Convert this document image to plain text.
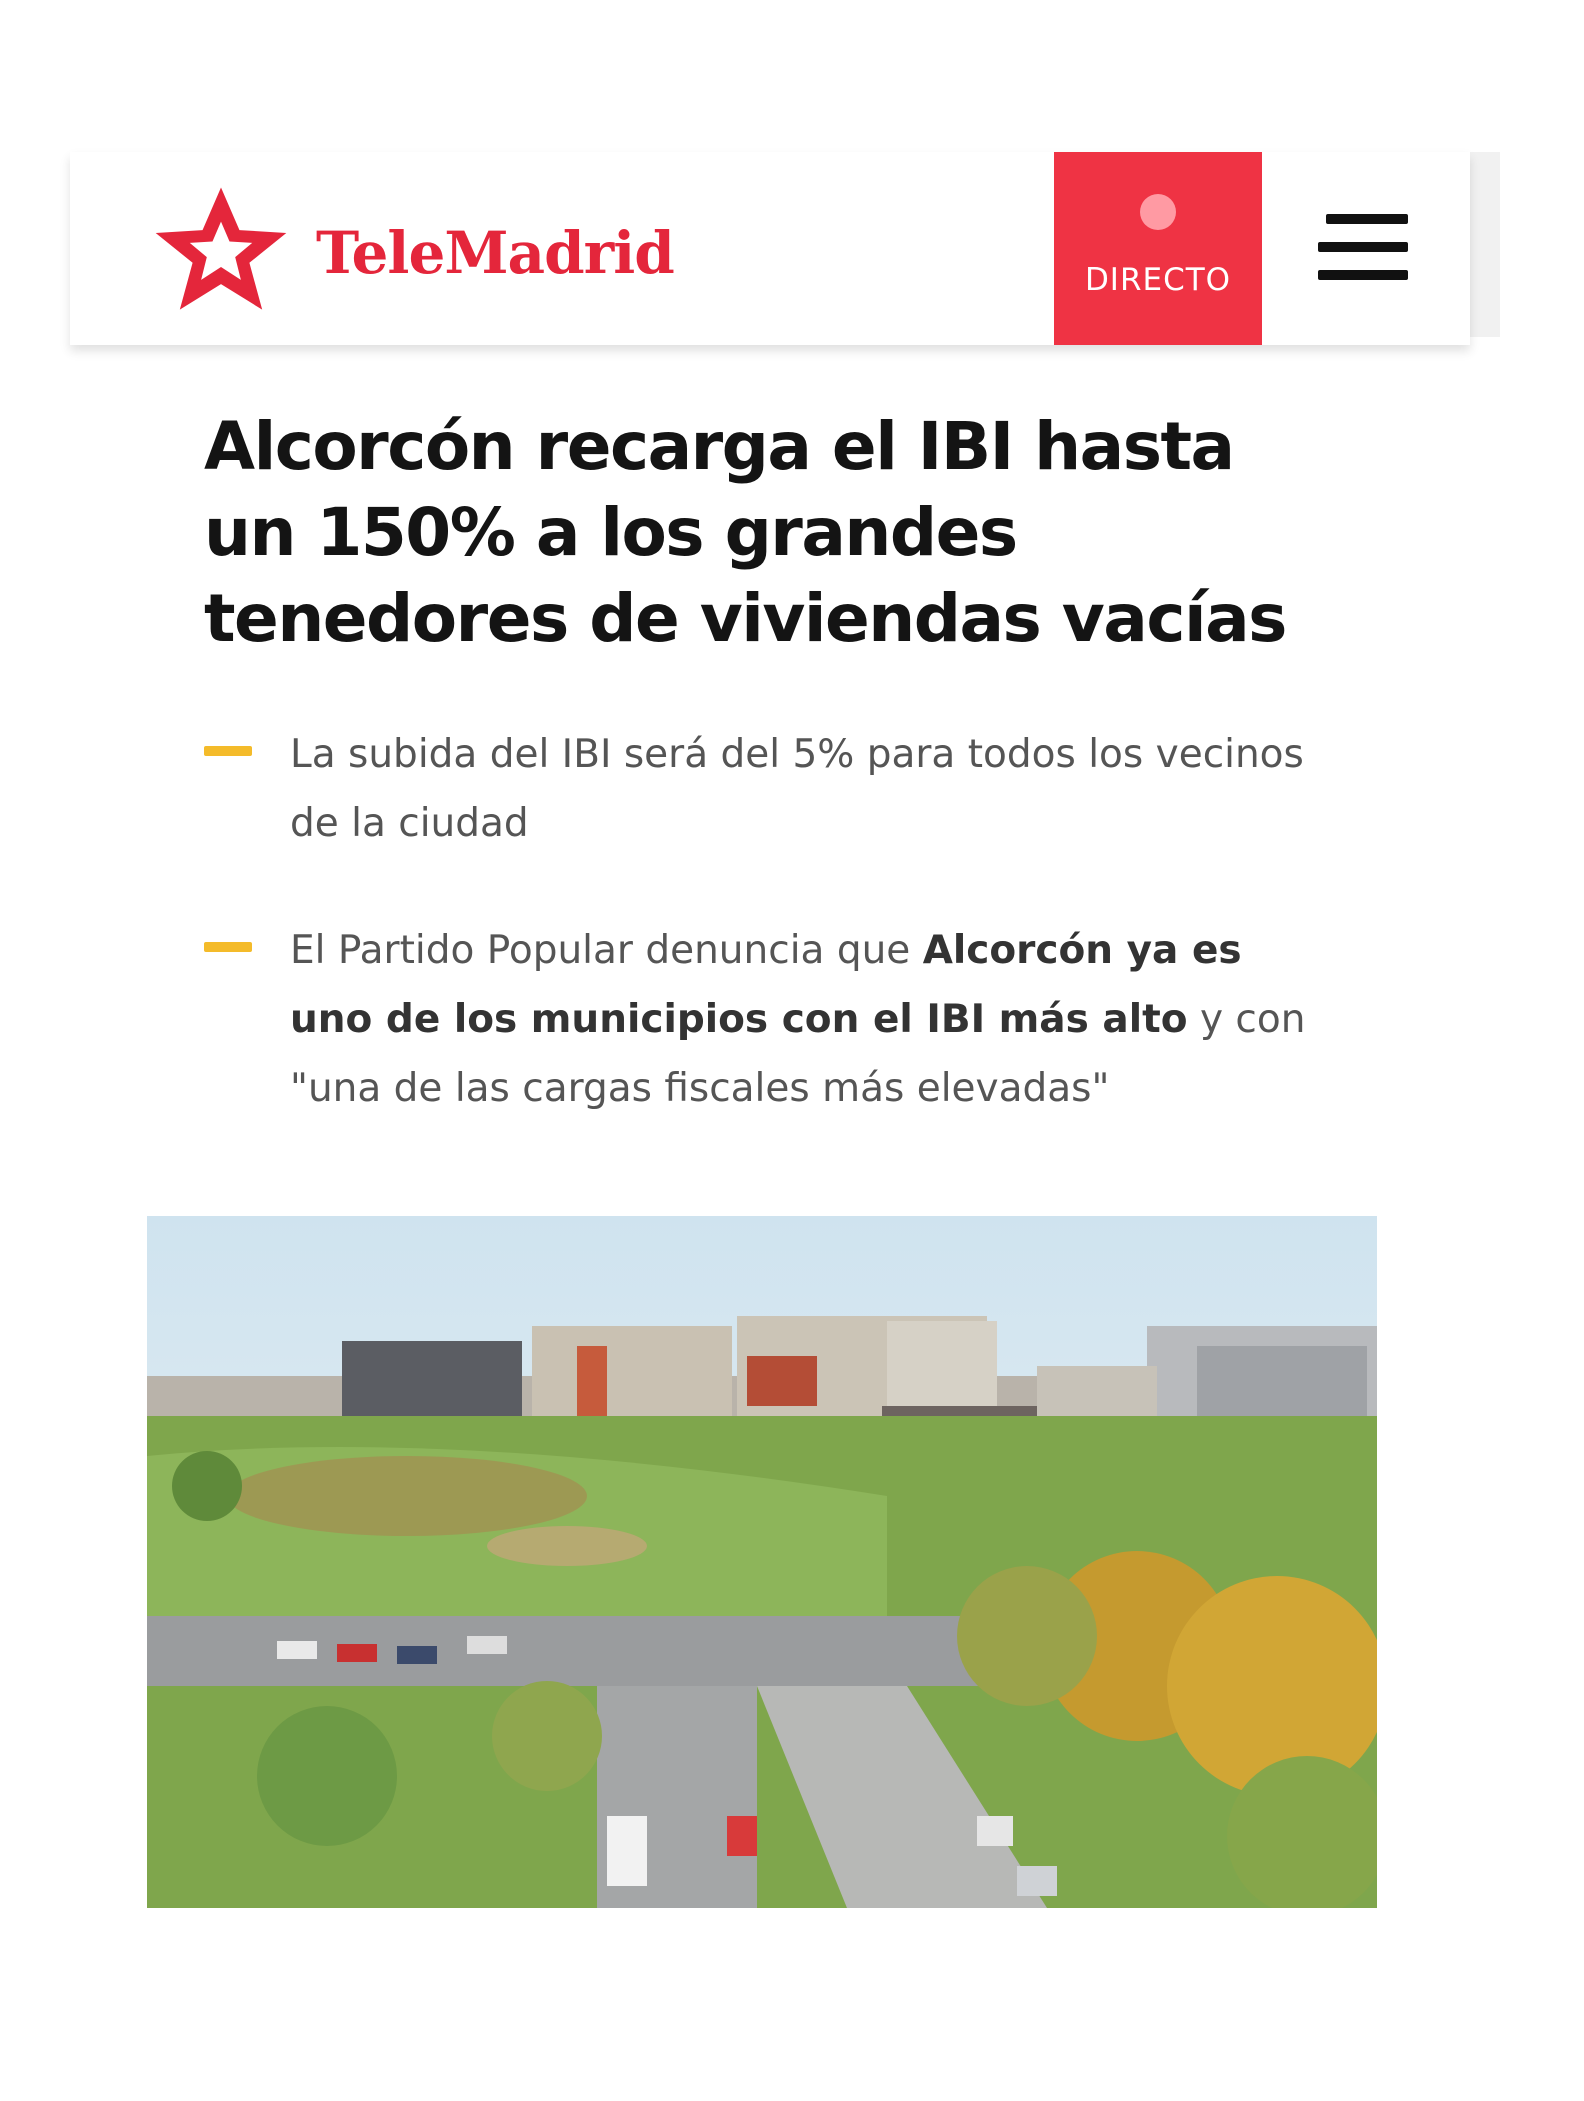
TeleMadrid	DIRECTO
Alcorcón recarga el IBI hasta un 150% a los grandes tenedores de viviendas vacías
La subida del IBI será del 5% para todos los vecinos de la ciudad
El Partido Popular denuncia que Alcorcón ya es uno de los municipios con el IBI más alto y con "una de las cargas fiscales más elevadas"
